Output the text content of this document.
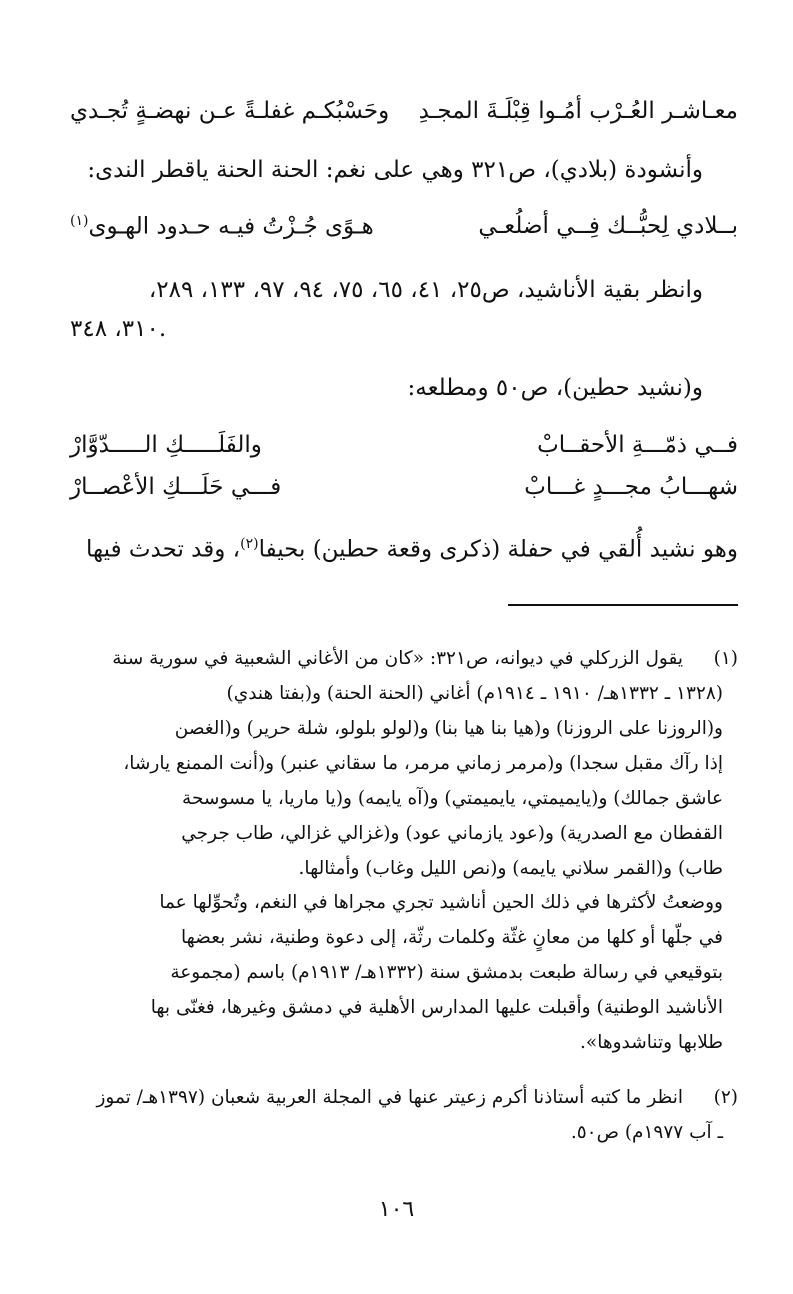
معـاشـر العُـرْب أمُـوا قِبْلَـةَ المجـدِ
وحَسْبُكـم غفلـةً عـن نهضـةٍ تُجـدي
وأنشودة (بلادي)، ص٣٢١ وهي على نغم: الحنة الحنة ياقطر الندى:
بــلادي لِحبُّــك فِــي أضلُعـي
هـوًى جُـزْتُ فيـه حـدود الهـوى$^{(١)}$
وانظر بقية الأناشيد، ص٢٥، ٤١، ٦٥، ٧٥، ٩٤، ٩٧، ١٣٣، ٢٨٩،
٣١٠، ٣٤٨.
و(نشيد حطين)، ص٥٠ ومطلعه:
فــي ذمّـــةِ الأحقــابْ
والفَلَـــــكِ الـــــدّوَّارْ
شهـــابُ مجـــدٍ غـــابْ
فـــي حَلَـــكِ الأعْصــارْ
وهو نشيد أُلقي في حفلة (ذكرى وقعة حطين) بحيفا$^{(٢)}$، وقد تحدث فيها
(١)
يقول الزركلي في ديوانه، ص٣٢١: «كان من الأغاني الشعبية في سورية سنة
(١٣٢٨ ـ ١٣٣٢هـ/ ١٩١٠ ـ ١٩١٤م) أغاني (الحنة الحنة) و(بفتا هندي)
و(الروزنا على الروزنا) و(هيا بنا هيا بنا) و(لولو بلولو، شلة حرير) و(الغصن
إذا رآك مقبل سجدا) و(مرمر زماني مرمر، ما سقاني عنبر) و(أنت الممنع يارشا،
عاشق جمالك) و(يايميمتي، يايميمتي) و(آه يايمه) و(يا ماريا، يا مسوسحة
القفطان مع الصدرية) و(عود يازماني عود) و(غزالي غزالي، طاب جرجي
طاب) و(القمر سلاني يايمه) و(نص الليل وغاب) وأمثالها.
ووضعتُ لأكثرها في ذلك الحين أناشيد تجري مجراها في النغم، وتُحوِّلها عما
في جلّها أو كلها من معانٍ غثّة وكلمات رثّة، إلى دعوة وطنية، نشر بعضها
بتوقيعي في رسالة طبعت بدمشق سنة (١٣٣٢هـ/ ١٩١٣م) باسم (مجموعة
الأناشيد الوطنية) وأقبلت عليها المدارس الأهلية في دمشق وغيرها، فغنّى بها
طلابها وتناشدوها».
(٢)
انظر ما كتبه أستاذنا أكرم زعيتر عنها في المجلة العربية شعبان (١٣٩٧هـ/ تموز
ـ آب ١٩٧٧م) ص٥٠.
١٠٦
